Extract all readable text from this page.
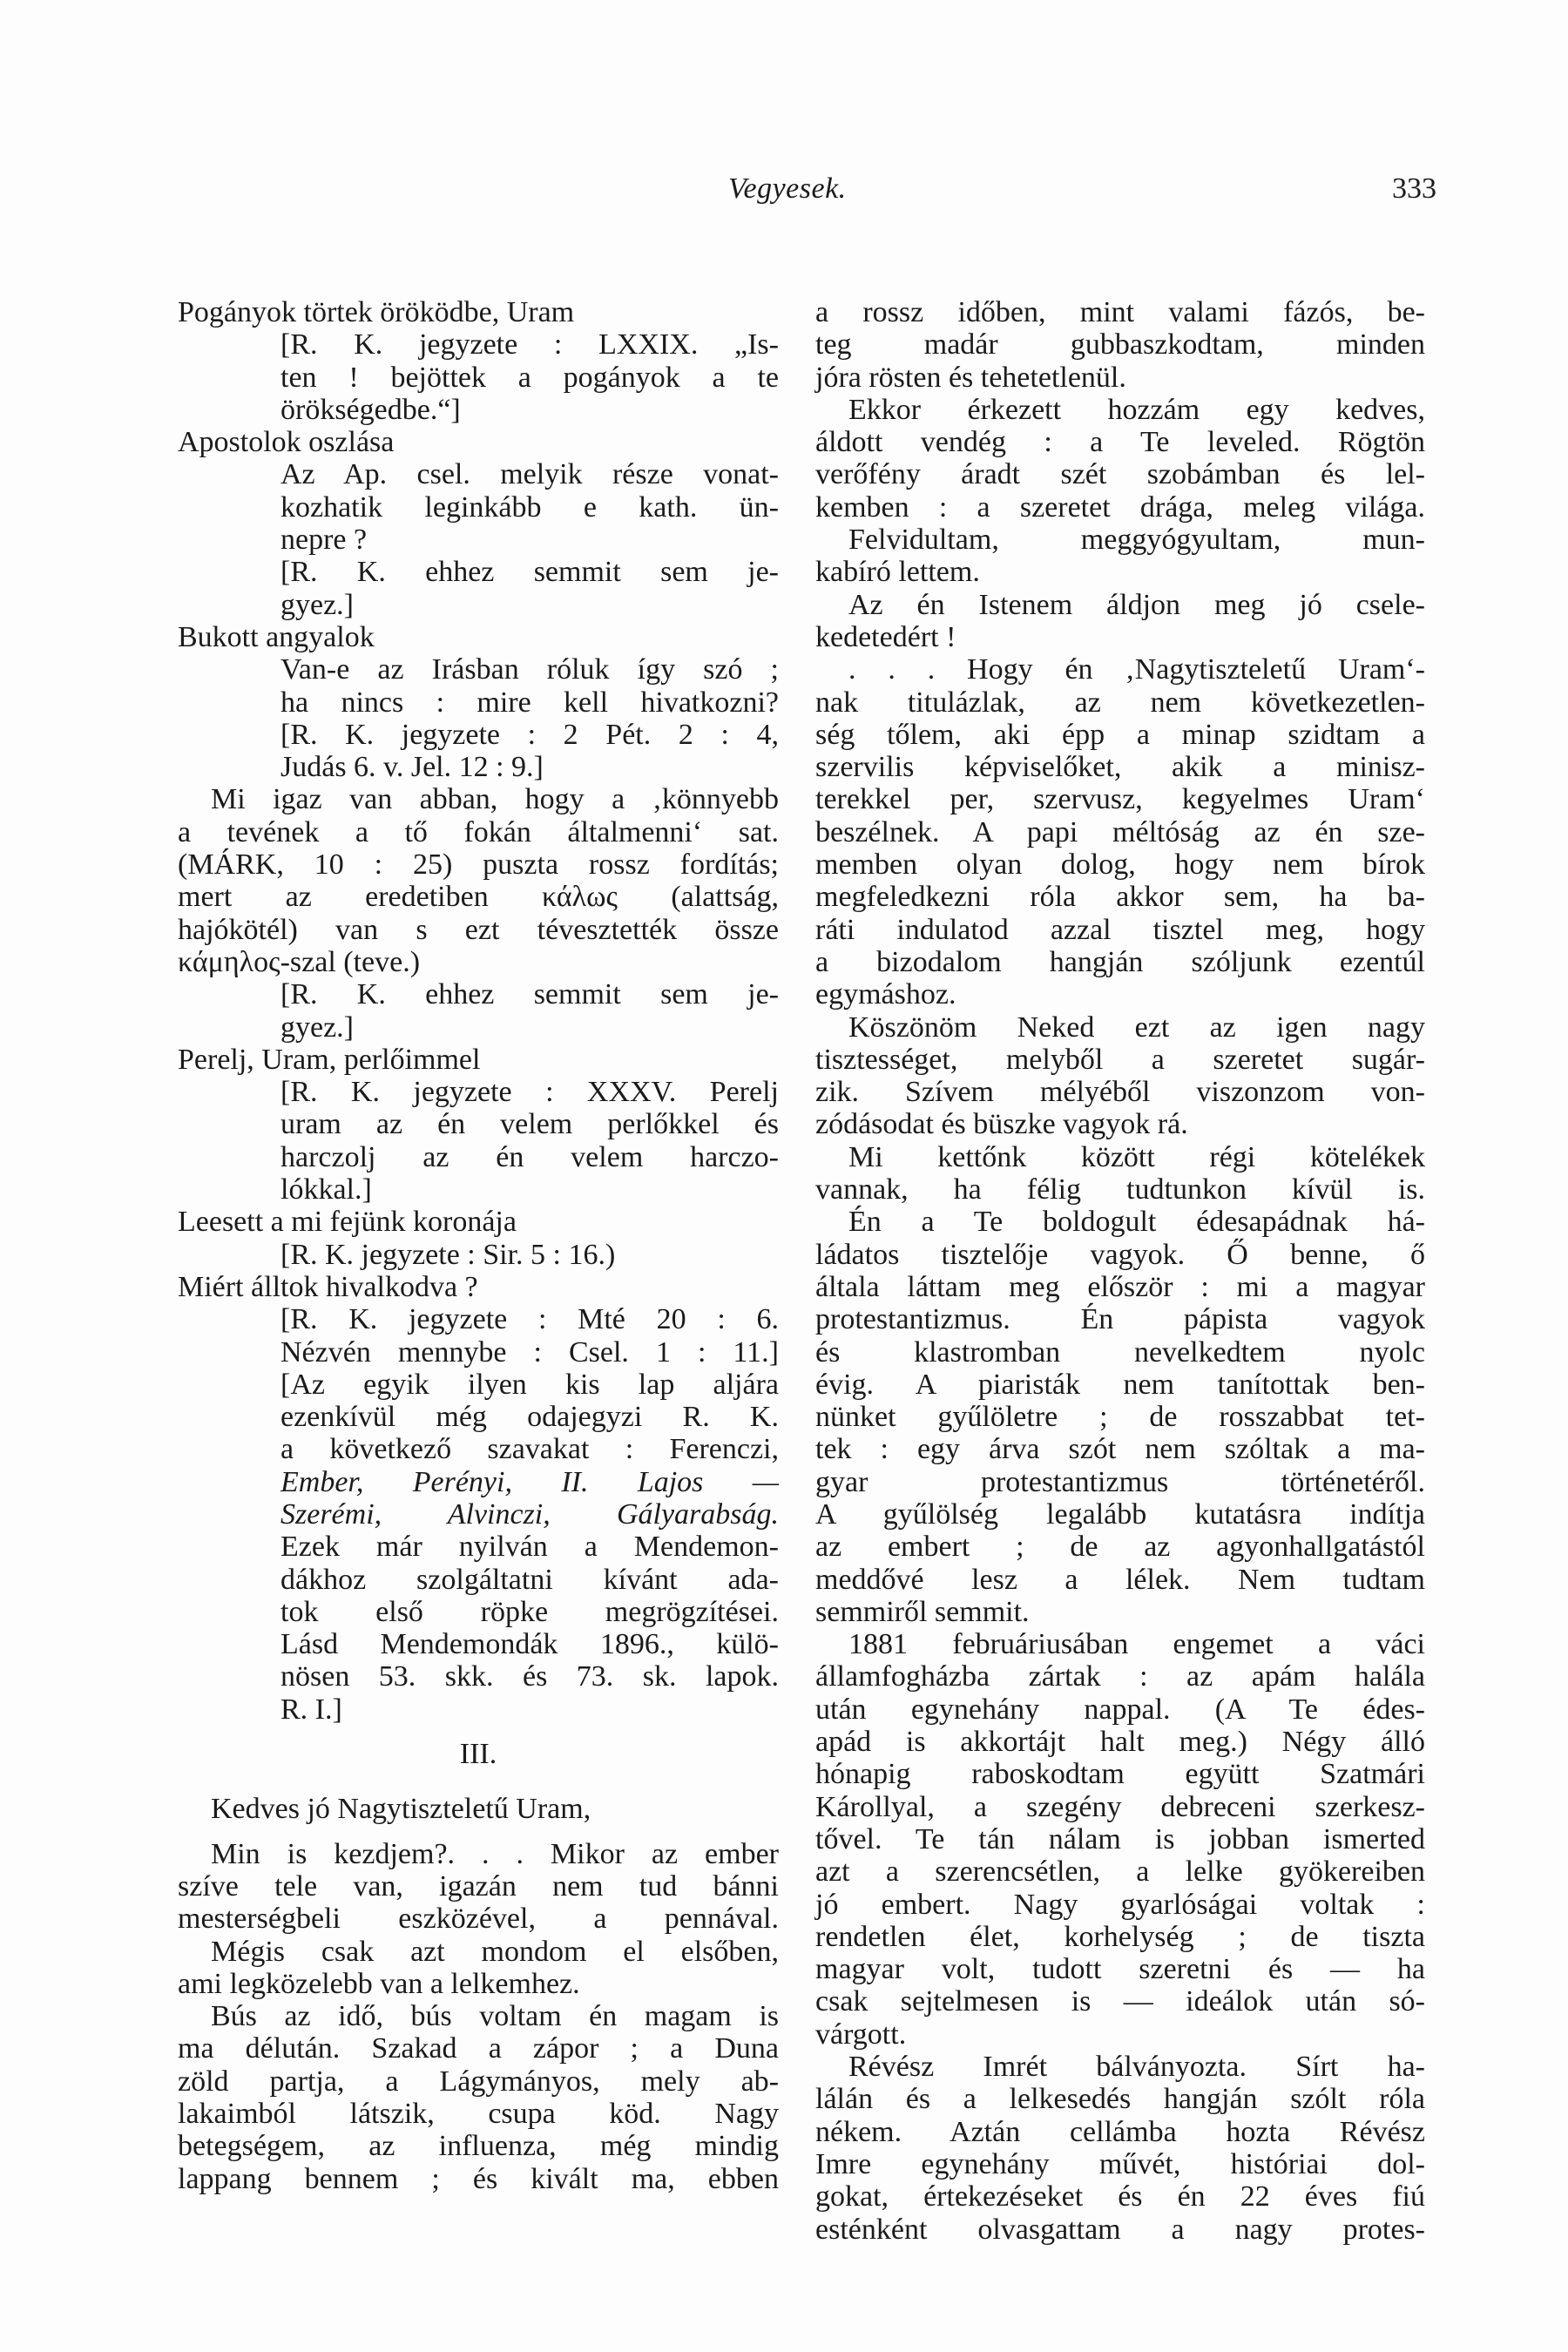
Vegyesek.	333
Pogányok törtek öröködbe, Uram
[R. K. jegyzete : LXXIX. „Is-
ten ! bejöttek a pogányok a te
örökségedbe.“]
Apostolok oszlása
Az Ap. csel. melyik része vonat-
kozhatik leginkább e kath. ün-
nepre ?
[R. K. ehhez semmit sem je-
gyez.]
Bukott angyalok
Van-e az Irásban róluk így szó ;
ha nincs : mire kell hivatkozni?
[R. K. jegyzete : 2 Pét. 2 : 4,
Judás 6. v. Jel. 12 : 9.]
Mi igaz van abban, hogy a ‚könnyebb
a tevének a tő fokán általmenni‘ sat.
(MÁRK, 10 : 25) puszta rossz fordítás;
mert az eredetiben κάλως (alattság,
hajókötél) van s ezt tévesztették össze
κάμηλος-szal (teve.)
[R. K. ehhez semmit sem je-
gyez.]
Perelj, Uram, perlőimmel
[R. K. jegyzete : XXXV. Perelj
uram az én velem perlőkkel és
harczolj az én velem harczo-
lókkal.]
Leesett a mi fejünk koronája
[R. K. jegyzete : Sir. 5 : 16.)
Miért álltok hivalkodva ?
[R. K. jegyzete : Mté 20 : 6.
Nézvén mennybe : Csel. 1 : 11.]
[Az egyik ilyen kis lap aljára
ezenkívül még odajegyzi R. K.
a következő szavakat : Ferenczi,
Ember, Perényi, II. Lajos —
Szerémi, Alvinczi, Gályarabság.
Ezek már nyilván a Mendemon-
dákhoz szolgáltatni kívánt ada-
tok első röpke megrögzítései.
Lásd Mendemondák 1896., külö-
nösen 53. skk. és 73. sk. lapok.
R. I.]
III.
Kedves jó Nagytiszteletű Uram,
Min is kezdjem?. . . Mikor az ember
szíve tele van, igazán nem tud bánni
mesterségbeli eszközével, a pennával.
Mégis csak azt mondom el elsőben,
ami legközelebb van a lelkemhez.
Bús az idő, bús voltam én magam is
ma délután. Szakad a zápor ; a Duna
zöld partja, a Lágymányos, mely ab-
lakaimból látszik, csupa köd. Nagy
betegségem, az influenza, még mindig
lappang bennem ; és kivált ma, ebben
a rossz időben, mint valami fázós, be-
teg madár gubbaszkodtam, minden
jóra rösten és tehetetlenül.
Ekkor érkezett hozzám egy kedves,
áldott vendég : a Te leveled. Rögtön
verőfény áradt szét szobámban és lel-
kemben : a szeretet drága, meleg világa.
Felvidultam, meggyógyultam, mun-
kabíró lettem.
Az én Istenem áldjon meg jó csele-
kedetedért !
. . . Hogy én ‚Nagytiszteletű Uram‘-
nak titulázlak, az nem következetlen-
ség tőlem, aki épp a minap szidtam a
szervilis képviselőket, akik a minisz-
terekkel per, szervusz, kegyelmes Uram‘
beszélnek. A papi méltóság az én sze-
memben olyan dolog, hogy nem bírok
megfeledkezni róla akkor sem, ha ba-
ráti indulatod azzal tisztel meg, hogy
a bizodalom hangján szóljunk ezentúl
egymáshoz.
Köszönöm Neked ezt az igen nagy
tisztességet, melyből a szeretet sugár-
zik. Szívem mélyéből viszonzom von-
zódásodat és büszke vagyok rá.
Mi kettőnk között régi kötelékek
vannak, ha félig tudtunkon kívül is.
Én a Te boldogult édesapádnak há-
ládatos tisztelője vagyok. Ő benne, ő
általa láttam meg először : mi a magyar
protestantizmus. Én pápista vagyok
és klastromban nevelkedtem nyolc
évig. A piaristák nem tanítottak ben-
nünket gyűlöletre ; de rosszabbat tet-
tek : egy árva szót nem szóltak a ma-
gyar protestantizmus történetéről.
A gyűlölség legalább kutatásra indítja
az embert ; de az agyonhallgatástól
meddővé lesz a lélek. Nem tudtam
semmiről semmit.
1881 februáriusában engemet a váci
államfogházba zártak : az apám halála
után egynehány nappal. (A Te édes-
apád is akkortájt halt meg.) Négy álló
hónapig raboskodtam együtt Szatmári
Károllyal, a szegény debreceni szerkesz-
tővel. Te tán nálam is jobban ismerted
azt a szerencsétlen, a lelke gyökereiben
jó embert. Nagy gyarlóságai voltak :
rendetlen élet, korhelység ; de tiszta
magyar volt, tudott szeretni és — ha
csak sejtelmesen is — ideálok után só-
várgott.
Révész Imrét bálványozta. Sírt ha-
lálán és a lelkesedés hangján szólt róla
nékem. Aztán cellámba hozta Révész
Imre egynehány művét, históriai dol-
gokat, értekezéseket és én 22 éves fiú
esténként olvasgattam a nagy protes-
